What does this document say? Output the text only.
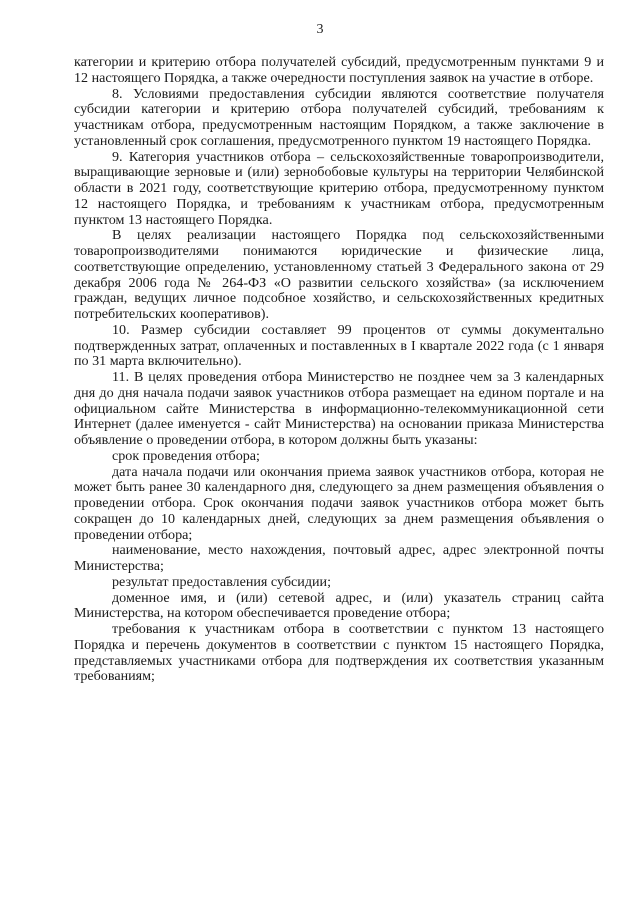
3

категории и критерию отбора получателей субсидий, предусмотренным пунктами 9 и 12 настоящего Порядка, а также очередности поступления заявок на участие в отборе.

8. Условиями предоставления субсидии являются соответствие получателя субсидии категории и критерию отбора получателей субсидий, требованиям к участникам отбора, предусмотренным настоящим Порядком, а также заключение в установленный срок соглашения, предусмотренного пунктом 19 настоящего Порядка.

9. Категория участников отбора – сельскохозяйственные товаропроизводители, выращивающие зерновые и (или) зернобобовые культуры на территории Челябинской области в 2021 году, соответствующие критерию отбора, предусмотренному пунктом 12 настоящего Порядка, и требованиям к участникам отбора, предусмотренным пунктом 13 настоящего Порядка.

В целях реализации настоящего Порядка под сельскохозяйственными товаропроизводителями понимаются юридические и физические лица, соответствующие определению, установленному статьей 3 Федерального закона от 29 декабря 2006 года № 264-ФЗ «О развитии сельского хозяйства» (за исключением граждан, ведущих личное подсобное хозяйство, и сельскохозяйственных кредитных потребительских кооперативов).

10. Размер субсидии составляет 99 процентов от суммы документально подтвержденных затрат, оплаченных и поставленных в I квартале 2022 года (с 1 января по 31 марта включительно).

11. В целях проведения отбора Министерство не позднее чем за 3 календарных дня до дня начала подачи заявок участников отбора размещает на едином портале и на официальном сайте Министерства в информационно-телекоммуникационной сети Интернет (далее именуется - сайт Министерства) на основании приказа Министерства объявление о проведении отбора, в котором должны быть указаны:

срок проведения отбора;

дата начала подачи или окончания приема заявок участников отбора, которая не может быть ранее 30 календарного дня, следующего за днем размещения объявления о проведении отбора. Срок окончания подачи заявок участников отбора может быть сокращен до 10 календарных дней, следующих за днем размещения объявления о проведении отбора;

наименование, место нахождения, почтовый адрес, адрес электронной почты Министерства;

результат предоставления субсидии;

доменное имя, и (или) сетевой адрес, и (или) указатель страниц сайта Министерства, на котором обеспечивается проведение отбора;

требования к участникам отбора в соответствии с пунктом 13 настоящего Порядка и перечень документов в соответствии с пунктом 15 настоящего Порядка, представляемых участниками отбора для подтверждения их соответствия указанным требованиям;
